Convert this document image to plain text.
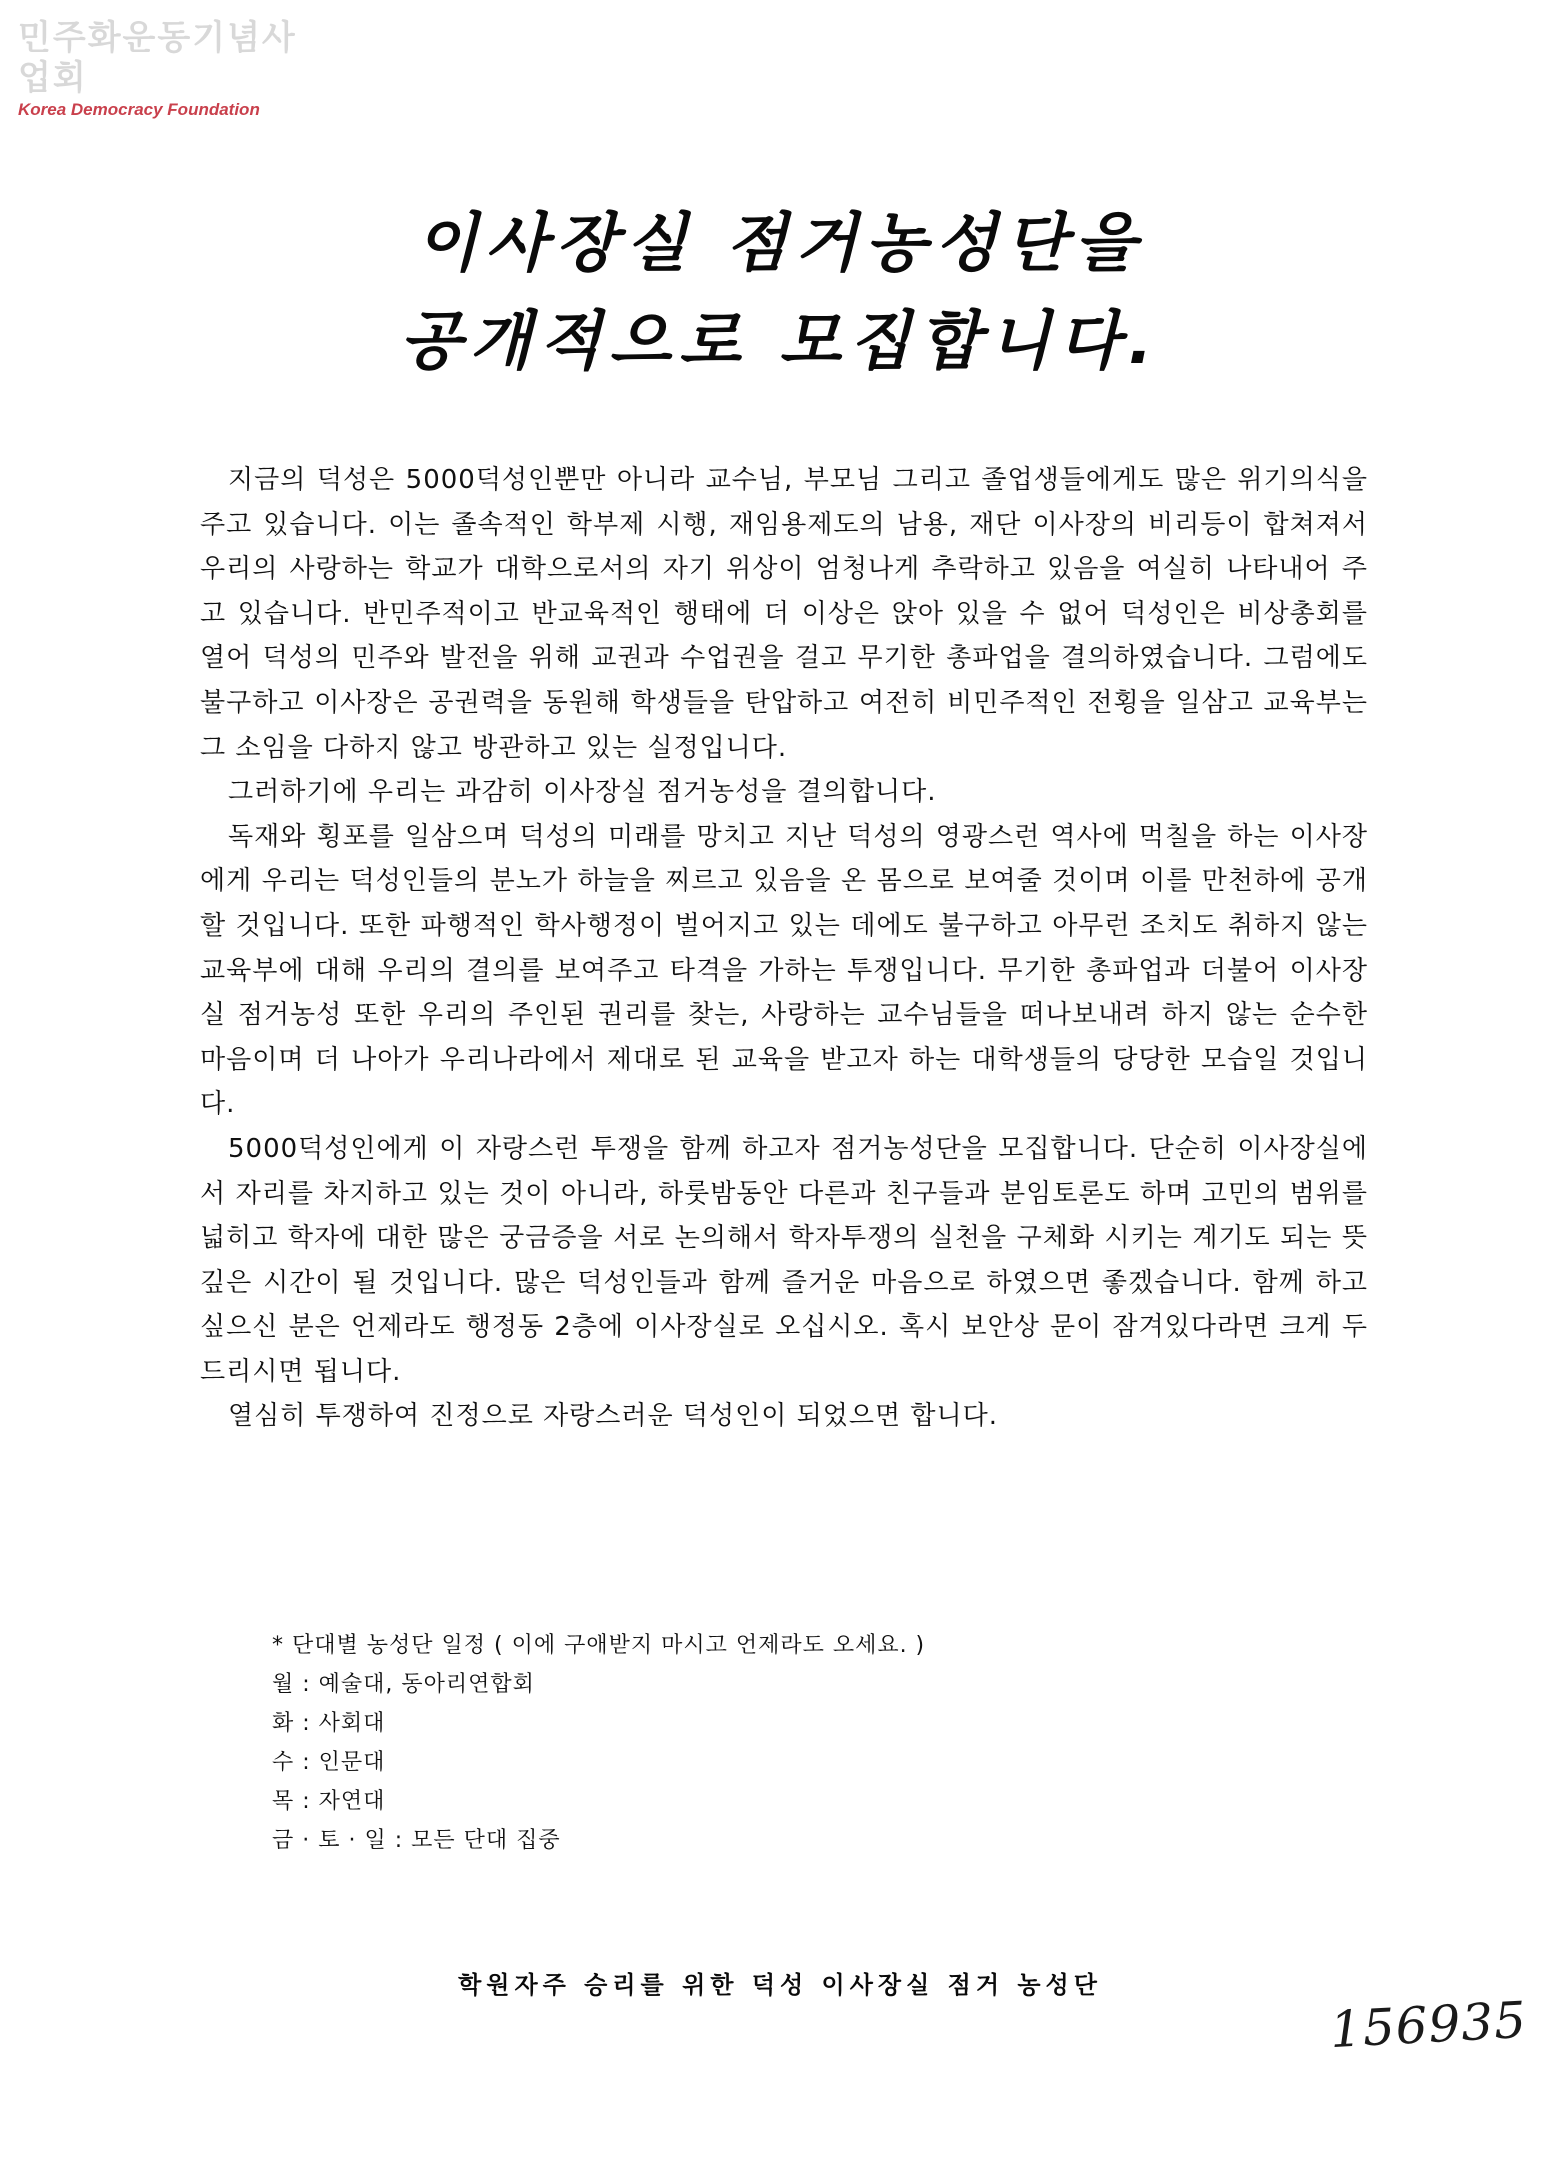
민주화운동기념사업회
Korea Democracy Foundation
이사장실 점거농성단을
공개적으로 모집합니다.

지금의 덕성은 5000덕성인뿐만 아니라 교수님, 부모님 그리고 졸업생들에게도 많은 위기의식을 주고 있습니다. 이는 졸속적인 학부제 시행, 재임용제도의 남용, 재단 이사장의 비리등이 합쳐져서 우리의 사랑하는 학교가 대학으로서의 자기 위상이 엄청나게 추락하고 있음을 여실히 나타내어 주고 있습니다. 반민주적이고 반교육적인 행태에 더 이상은 앉아 있을 수 없어 덕성인은 비상총회를 열어 덕성의 민주와 발전을 위해 교권과 수업권을 걸고 무기한 총파업을 결의하였습니다. 그럼에도 불구하고 이사장은 공권력을 동원해 학생들을 탄압하고 여전히 비민주적인 전횡을 일삼고 교육부는 그 소임을 다하지 않고 방관하고 있는 실정입니다.

그러하기에 우리는 과감히 이사장실 점거농성을 결의합니다.

독재와 횡포를 일삼으며 덕성의 미래를 망치고 지난 덕성의 영광스런 역사에 먹칠을 하는 이사장에게 우리는 덕성인들의 분노가 하늘을 찌르고 있음을 온 몸으로 보여줄 것이며 이를 만천하에 공개할 것입니다. 또한 파행적인 학사행정이 벌어지고 있는 데에도 불구하고 아무런 조치도 취하지 않는 교육부에 대해 우리의 결의를 보여주고 타격을 가하는 투쟁입니다. 무기한 총파업과 더불어 이사장실 점거농성 또한 우리의 주인된 권리를 찾는, 사랑하는 교수님들을 떠나보내려 하지 않는 순수한 마음이며 더 나아가 우리나라에서 제대로 된 교육을 받고자 하는 대학생들의 당당한 모습일 것입니다.

5000덕성인에게 이 자랑스런 투쟁을 함께 하고자 점거농성단을 모집합니다. 단순히 이사장실에서 자리를 차지하고 있는 것이 아니라, 하룻밤동안 다른과 친구들과 분임토론도 하며 고민의 범위를 넓히고 학자에 대한 많은 궁금증을 서로 논의해서 학자투쟁의 실천을 구체화 시키는 계기도 되는 뜻깊은 시간이 될 것입니다. 많은 덕성인들과 함께 즐거운 마음으로 하였으면 좋겠습니다. 함께 하고 싶으신 분은 언제라도 행정동 2층에 이사장실로 오십시오. 혹시 보안상 문이 잠겨있다라면 크게 두드리시면 됩니다.

열심히 투쟁하여 진정으로 자랑스러운 덕성인이 되었으면 합니다.

* 단대별 농성단 일정 ( 이에 구애받지 마시고 언제라도 오세요. )

월 : 예술대, 동아리연합회

화 : 사회대

수 : 인문대

목 : 자연대

금 · 토 · 일 : 모든 단대 집중

학원자주 승리를 위한 덕성 이사장실 점거 농성단
156935
